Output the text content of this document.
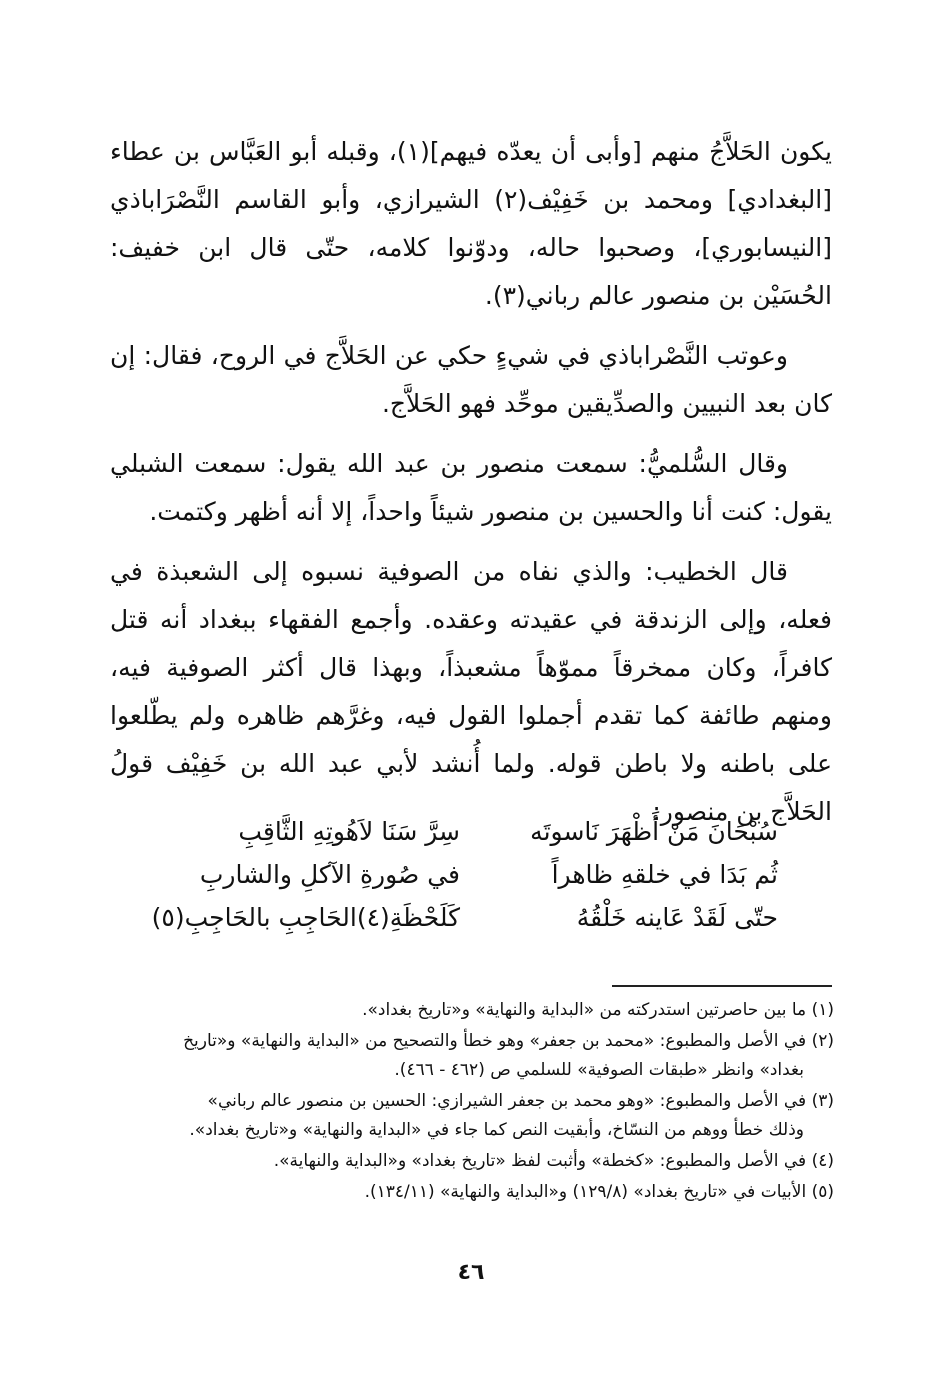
يكون الحَلاَّجُ منهم [وأبى أن يعدّه فيهم](١)، وقبله أبو العَبَّاس بن عطاء [البغدادي] ومحمد بن خَفِيْف(٢) الشيرازي، وأبو القاسم النَّصْرَاباذي [النيسابوري]، وصحبوا حاله، ودوّنوا كلامه، حتّى قال ابن خفيف: الحُسَيْن بن منصور عالم رباني(٣).

وعوتب النَّصْراباذي في شيءٍ حكي عن الحَلاَّج في الروح، فقال: إن كان بعد النبيين والصدِّيقين موحِّد فهو الحَلاَّج.

وقال السُّلميُّ: سمعت منصور بن عبد الله يقول: سمعت الشبلي يقول: كنت أنا والحسين بن منصور شيئاً واحداً، إلا أنه أظهر وكتمت.

قال الخطيب: والذي نفاه من الصوفية نسبوه إلى الشعبذة في فعله، وإلى الزندقة في عقيدته وعقده. وأجمع الفقهاء ببغداد أنه قتل كافراً، وكان ممخرقاً مموّهاً مشعبذاً، وبهذا قال أكثر الصوفية فيه، ومنهم طائفة كما تقدم أجملوا القول فيه، وغرَّهم ظاهره ولم يطّلعوا على باطنه ولا باطن قوله. ولما أُنشد لأبي عبد الله بن خَفِيْف قولُ الحَلاَّج بن منصور:

سُبْحَانَ مَنْ أَظْهَرَ نَاسوتَه
سِرَّ سَنَا لاَهُوتِهِ الثَّاقِبِ
ثُم بَدَا في خلقهِ ظاهراً
في صُورةِ الآكلِ والشاربِ
حتّى لَقَدْ عَاينه خَلْقُهُ
كَلَحْظَةِ(٤)الحَاجِبِ بالحَاجِبِ(٥)

(١) ما بين حاصرتين استدركته من «البداية والنهاية» و«تاريخ بغداد».

(٢) في الأصل والمطبوع: «محمد بن جعفر» وهو خطأ والتصحيح من «البداية والنهاية» و«تاريخ
بغداد» وانظر «طبقات الصوفية» للسلمي ص (٤٦٢ - ٤٦٦).

(٣) في الأصل والمطبوع: «وهو محمد بن جعفر الشيرازي: الحسين بن منصور عالم رباني»
وذلك خطأ ووهم من النسّاخ، وأبقيت النص كما جاء في «البداية والنهاية» و«تاريخ بغداد».

(٤) في الأصل والمطبوع: «كخطة» وأثبت لفظ «تاريخ بغداد» و«البداية والنهاية».

(٥) الأبيات في «تاريخ بغداد» (١٢٩/٨) و«البداية والنهاية» (١٣٤/١١).

٤٦
